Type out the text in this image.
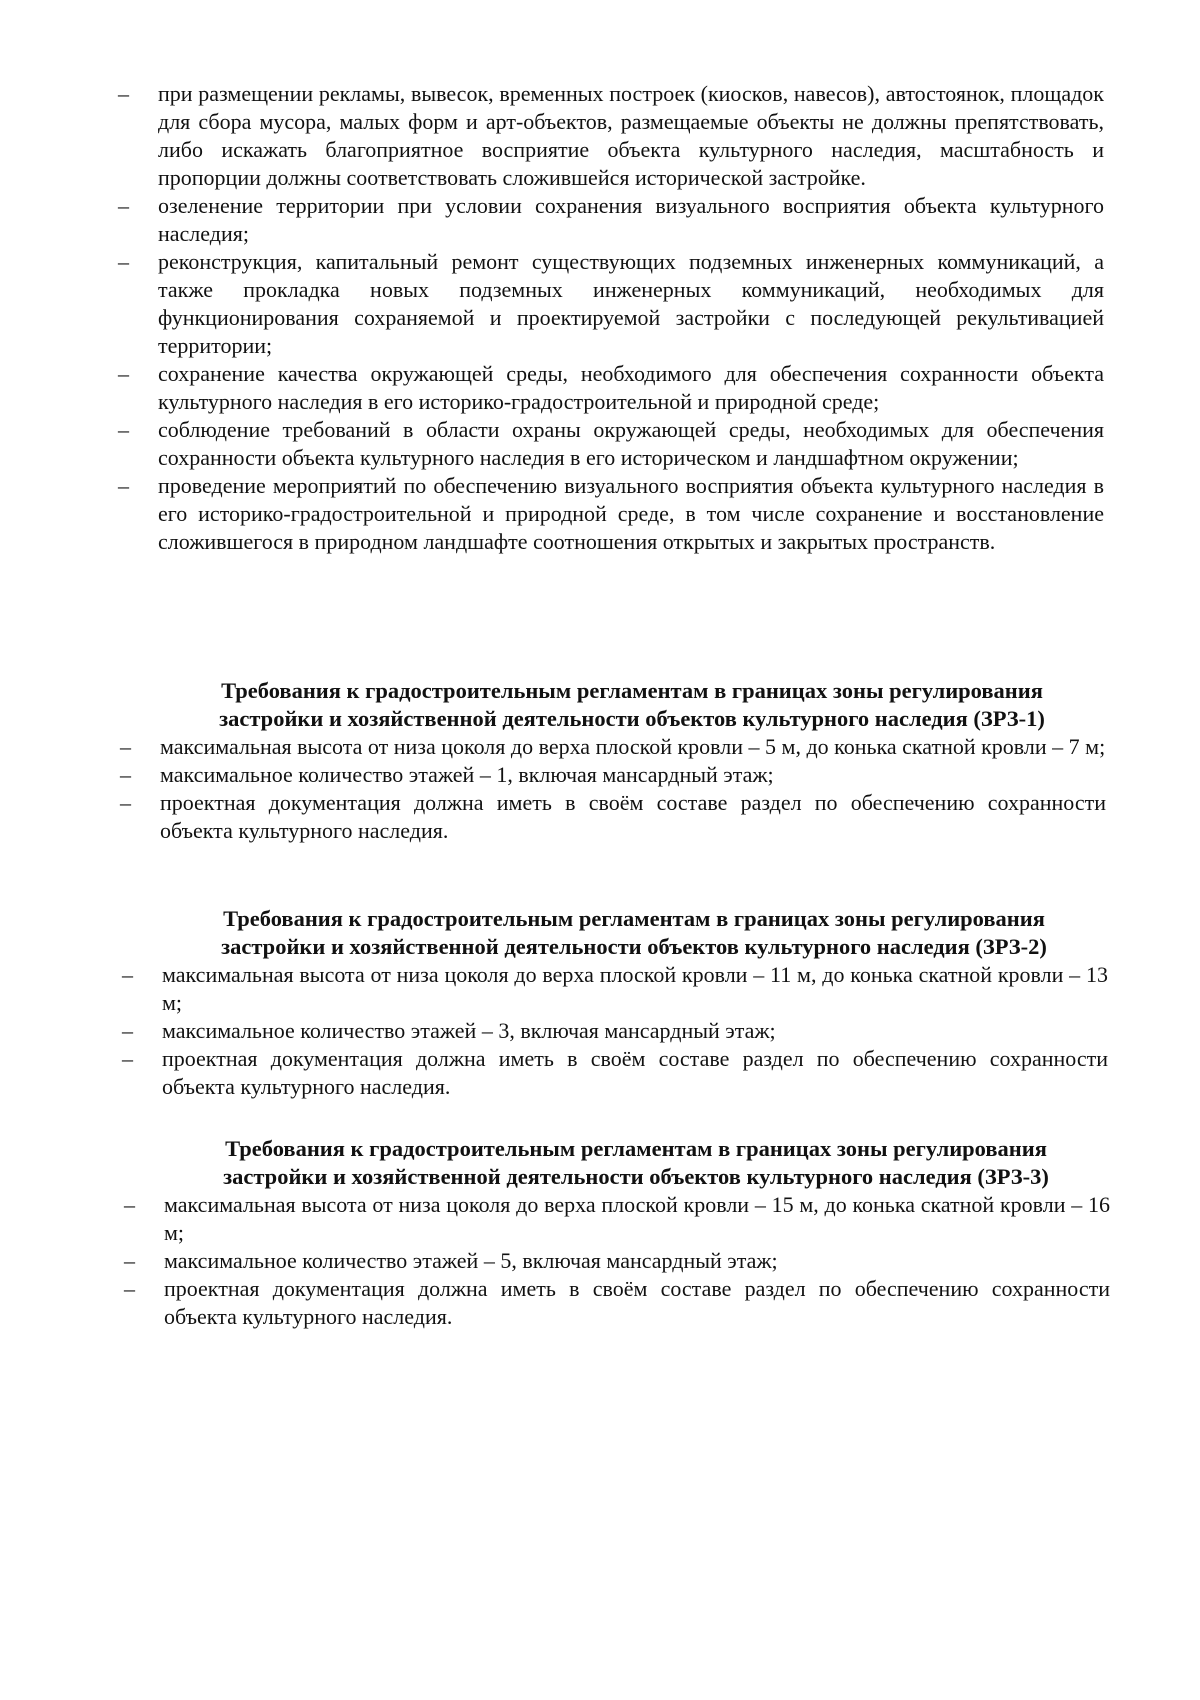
–	при размещении рекламы, вывесок, временных построек (киосков, навесов), автостоянок, площадок для сбора мусора, малых форм и арт-объектов, размещаемые объекты не должны препятствовать, либо искажать благоприятное восприятие объекта культурного наследия, масштабность и пропорции должны соответствовать сложившейся исторической застройке.
–	озеленение территории при условии сохранения визуального восприятия объекта культурного наследия;
–	реконструкция, капитальный ремонт существующих подземных инженерных коммуникаций, а также прокладка новых подземных инженерных коммуникаций, необходимых для функционирования сохраняемой и проектируемой застройки с последующей рекультивацией территории;
–	сохранение качества окружающей среды, необходимого для обеспечения сохранности объекта культурного наследия в его историко-градостроительной и природной среде;
–	соблюдение требований в области охраны окружающей среды, необходимых для обеспечения сохранности объекта культурного наследия в его историческом и ландшафтном окружении;
–	проведение мероприятий по обеспечению визуального восприятия объекта культурного наследия в его историко-градостроительной и природной среде, в том числе сохранение и восстановление сложившегося в природном ландшафте соотношения открытых и закрытых пространств.
Требования к градостроительным регламентам в границах зоны регулирования
застройки и хозяйственной деятельности объектов культурного наследия (ЗРЗ-1)
–	максимальная высота от низа цоколя до верха плоской кровли – 5 м, до конька скатной кровли – 7 м;
–	максимальное количество этажей – 1, включая мансардный этаж;
–	проектная документация должна иметь в своём составе раздел по обеспечению сохранности объекта культурного наследия.
Требования к градостроительным регламентам в границах зоны регулирования
застройки и хозяйственной деятельности объектов культурного наследия (ЗРЗ-2)
–	максимальная высота от низа цоколя до верха плоской кровли – 11 м, до конька скатной кровли – 13 м;
–	максимальное количество этажей – 3, включая мансардный этаж;
–	проектная документация должна иметь в своём составе раздел по обеспечению сохранности объекта культурного наследия.
Требования к градостроительным регламентам в границах зоны регулирования
застройки и хозяйственной деятельности объектов культурного наследия (ЗРЗ-3)
–	максимальная высота от низа цоколя до верха плоской кровли – 15 м, до конька скатной кровли – 16 м;
–	максимальное количество этажей – 5, включая мансардный этаж;
–	проектная документация должна иметь в своём составе раздел по обеспечению сохранности объекта культурного наследия.
